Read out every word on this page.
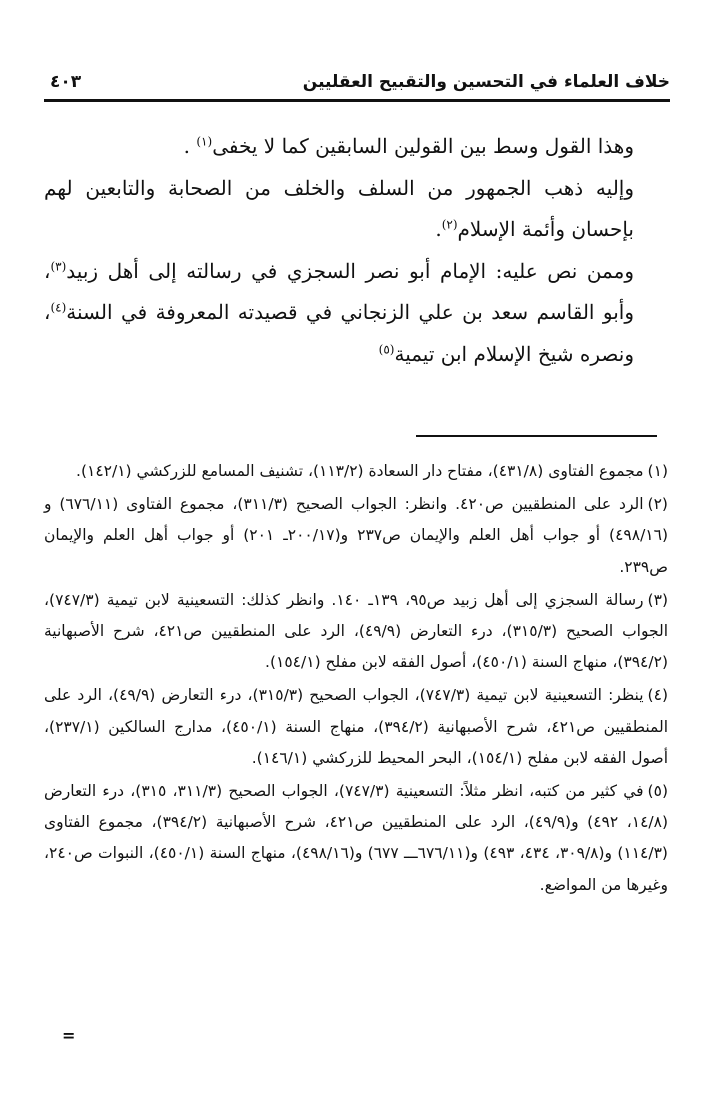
خلاف العلماء في التحسين والتقبيح العقليين
٤٠٣

وهذا القول وسط بين القولين السابقين كما لا يخفى$^{(١)}$ .

وإليه ذهب الجمهور من السلف والخلف من الصحابة والتابعين لهم بإحسان وأئمة الإسلام$^{(٢)}$.

وممن نص عليه: الإمام أبو نصر السجزي في رسالته إلى أهل زبيد$^{(٣)}$، وأبو القاسم سعد بن علي الزنجاني في قصيدته المعروفة في السنة$^{(٤)}$، ونصره شيخ الإسلام ابن تيمية$^{(٥)}$

(١)مجموع الفتاوى (٤٣١/٨)، مفتاح دار السعادة (١١٣/٢)، تشنيف المسامع للزركشي (١٤٢/١).

(٢)الرد على المنطقيين ص٤٢٠. وانظر: الجواب الصحيح (٣١١/٣)، مجموع الفتاوى (٦٧٦/١١) و (٤٩٨/١٦) أو جواب أهل العلم والإيمان ص٢٣٧ و(٢٠٠/١٧ـ ٢٠١) أو جواب أهل العلم والإيمان ص٢٣٩.

(٣)رسالة السجزي إلى أهل زبيد ص٩٥، ١٣٩ـ ١٤٠. وانظر كذلك: التسعينية لابن تيمية (٧٤٧/٣)، الجواب الصحيح (٣١٥/٣)، درء التعارض (٤٩/٩)، الرد على المنطقيين ص٤٢١، شرح الأصبهانية (٣٩٤/٢)، منهاج السنة (٤٥٠/١)، أصول الفقه لابن مفلح (١٥٤/١).

(٤)ينظر: التسعينية لابن تيمية (٧٤٧/٣)، الجواب الصحيح (٣١٥/٣)، درء التعارض (٤٩/٩)، الرد على المنطقيين ص٤٢١، شرح الأصبهانية (٣٩٤/٢)، منهاج السنة (٤٥٠/١)، مدارج السالكين (٢٣٧/١)، أصول الفقه لابن مفلح (١٥٤/١)، البحر المحيط للزركشي (١٤٦/١).

(٥)في كثير من كتبه، انظر مثلاً: التسعينية (٧٤٧/٣)، الجواب الصحيح (٣١١/٣، ٣١٥)، درء التعارض (١٤/٨، ٤٩٢) و(٤٩/٩)، الرد على المنطقيين ص٤٢١، شرح الأصبهانية (٣٩٤/٢)، مجموع الفتاوى (١١٤/٣) و(٣٠٩/٨، ٤٣٤، ٤٩٣) و(٦٧٦/١١ـــ ٦٧٧) و(٤٩٨/١٦)، منهاج السنة (٤٥٠/١)، النبوات ص٢٤٠، وغيرها من المواضع.

=
